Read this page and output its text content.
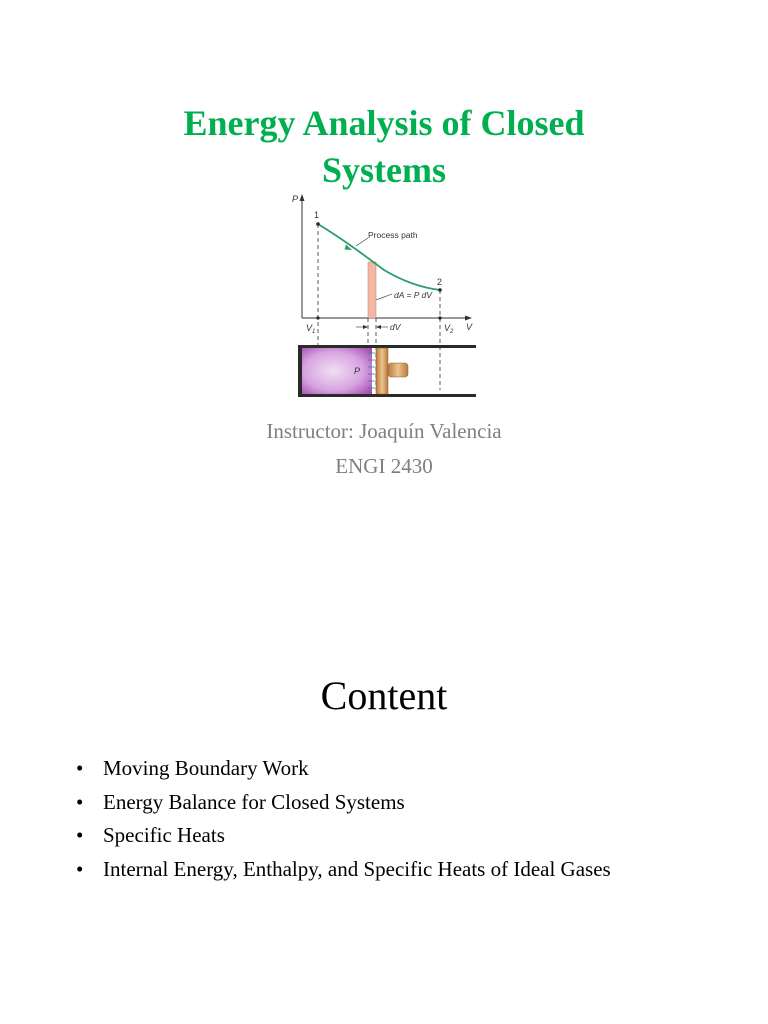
Energy Analysis of Closed
Systems
P
V
1
2
Process path
dA = P dV
$V_1$	$V_2$
dV
P
Instructor: Joaquín Valencia
ENGI 2430
Content
• Moving Boundary Work
• Energy Balance for Closed Systems
• Specific Heats
• Internal Energy, Enthalpy, and Specific Heats of Ideal Gases
